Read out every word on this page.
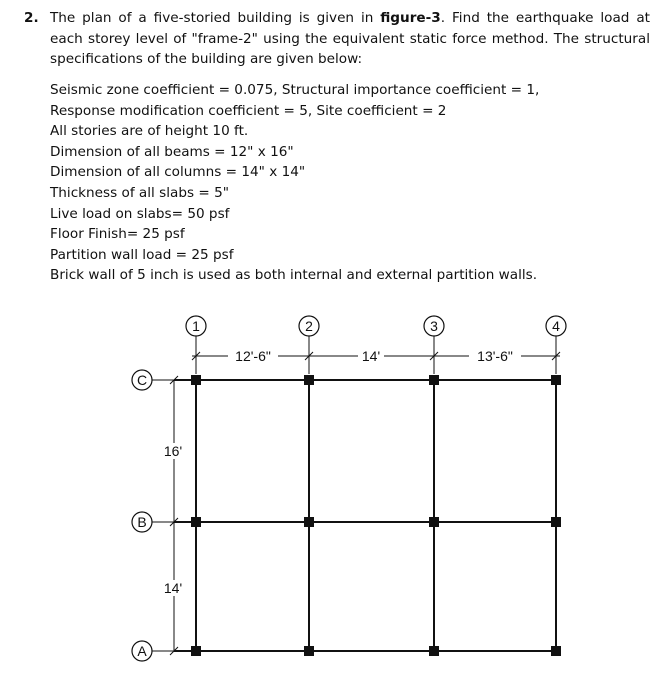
2. The plan of a five-storied building is given in figure-3. Find the earthquake load at each storey level of "frame-2" using the equivalent static force method. The structural specifications of the building are given below:
Seismic zone coefficient = 0.075, Structural importance coefficient = 1,
Response modification coefficient = 5, Site coefficient = 2
All stories are of height 10 ft.
Dimension of all beams = 12" x 16"
Dimension of all columns = 14" x 14"
Thickness of all slabs = 5"
Live load on slabs= 50 psf
Floor Finish= 25 psf
Partition wall load = 25 psf
Brick wall of 5 inch is used as both internal and external partition walls.
1	2	3	4
C
B
A
12'-6"	14'	13'-6"
16'
14'
